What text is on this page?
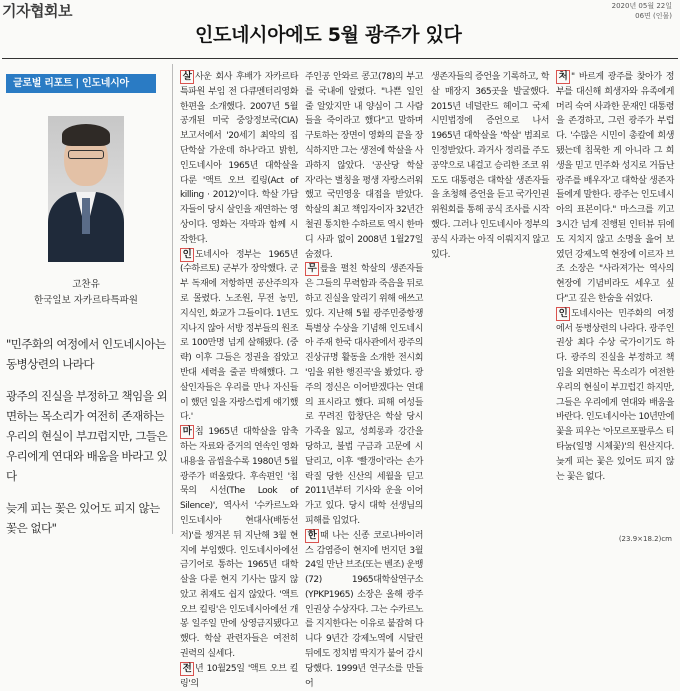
기자협회보	2020년 05월 22일
06면 (인물)
인도네시아에도 5월 광주가 있다
글로벌 리포트 | 인도네시아
고찬유
한국일보 자카르타특파원

"민주화의 여정에서 인도네시아는 동병상련의 나라다

광주의 진실을 부정하고 책임을 외면하는 목소리가 여전히 존재하는 우리의 현실이 부끄럽지만, 그들은 우리에게 연대와 배움을 바라고 있다

늦게 피는 꽃은 있어도 피지 않는 꽃은 없다"

살 사운 회사 후배가 자카르타 특파원 부임 전 다큐멘터리영화 한편을 소개했다. 2007년 5월 공개된 미국 중앙정보국(CIA) 보고서에서 '20세기 최악의 집단학살 가운데 하나'라고 밝힌, 인도네시아 1965년 대학살을 다룬 '액트 오브 킬링(Act of killing · 2012)'이다. 학살 가담자들이 당시 살인을 재연하는 영상이다. 영화는 자막과 함께 시작한다.

인 도네시아 정부는 1965년 (수하르토) 군부가 장악했다. 군부 독재에 저항하면 공산주의자로 몰렸다. 노조원, 무전 농민, 지식인, 화교가 그들이다. 1년도 지나지 않아 서방 정부들의 원조로 100만명 넘게 살해됐다. (중략) 이후 그들은 정권을 잡았고 반대 세력을 줄곧 박해했다. 그 살인자들은 우리를 만나 자신들이 했던 일을 자랑스럽게 얘기했다.'

마 침 1965년 대학살을 암축하는 자료와 증거의 연속인 영화 내용을 곱씹을수록 1980년 5월 광주가 떠올랐다. 후속편인 '침묵의 시선(The Look of Silence)', 역사서 '수카르노와 인도네시아 현대사(배동선 저)'를 챙겨본 뒤 지난해 3월 현지에 부임했다. 인도네시아에선 금기어로 통하는 1965년 대학살을 다룬 현지 기사는 많지 않았고 취재도 쉽지 않았다. '액트 오브 킬링'은 인도네시아에선 개봉 일주일 만에 상영금지됐다고 했다. 학살 관련자들은 여전히 권력의 실세다.

전 년 10월25일 '액트 오브 킬링'의

주인공 안와르 콩고(78)의 부고를 국내에 알렸다. "나쁜 일인 줄 알았지만 내 양심이 그 사람들을 죽이라고 했다"고 말하며 구토하는 장면이 영화의 끝을 장식하지만 그는 생전에 학살을 사과하지 않았다. '공산당 학살자'라는 별칭을 평생 자랑스러워했고 국민영웅 대접을 받았다. 학살의 최고 책임자이자 32년간 철권 통치한 수하르토 역시 한마디 사과 없이 2008년 1월27일 숨졌다.

무 릎을 펼친 학살의 생존자들은 그들의 무력함과 죽음을 뒤로 하고 진실을 알리기 위해 애쓰고 있다. 지난해 5월 광주민중항쟁 특별상 수상을 기념해 인도네시아 주재 한국 대사관에서 광주의 진상규명 활동을 소개한 전시회 '임을 위한 행진곡'을 봤었다. 광주의 정신은 이어받겠다는 연대의 표시라고 했다. 피해 여성들로 꾸려진 합창단은 학살 당시 가족을 잃고, 성희롱과 강간을 당하고, 불법 구금과 고문에 시달리고, 이후 '빨갱이'라는 손가락질 당한 신산의 세월을 딛고 2011년부터 기사와 운을 이어가고 있다. 당시 대학 선생님의 피해를 입었다.

한 때 나는 신종 코로나바이러스 감염증이 현지에 번지던 3월24일 만난 브조(또는 벤조) 운뱅(72) 1965대학살연구소(YPKP1965) 소장은 올해 광주인권상 수상자다. 그는 수카르노를 지지한다는 이유로 붙잡혀 다니다 9년간 강제노역에 시달린 뒤에도 정치범 딱지가 붙어 감시당했다. 1999년 연구소를 만들어

생존자들의 증언을 기록하고, 학살 매장지 365곳을 발굴했다. 2015년 네덜란드 헤이그 국제시민법정에 증언으로 나서 1965년 대학살을 '학살' 범죄로 인정받았다. 과거사 정리를 주도 공약으로 내걸고 승리한 조코 위도도 대통령은 대학살 생존자들을 초청해 증언을 듣고 국가인권위원회를 통해 공식 조사를 시작했다. 그러나 인도네시아 정부의 공식 사과는 아직 이뤄지지 않고 있다.

처 " 바르게 광주를 찾아가 정부를 대신해 희생자와 유족에게 머리 숙여 사과한 문재인 대통령을 존경하고, 그런 광주가 부럽다. '수많은 시민이 총칼에 희생됐는데 침묵한 게 아니라 그 희생을 믿고 민주화 성지로 거듭난 광주를 배우자'고 대학살 생존자들에게 말한다. 광주는 인도네시아의 표본이다." 마스크를 끼고 3시간 넘게 진행된 인터뷰 뒤에도 지치지 않고 소명을 읊어 보였던 강제노역 현장에 이르자 브조 소장은 "사라져가는 역사의 현장에 기념비라도 세우고 싶다"고 깊은 한숨을 쉬었다.

인 도네시아는 민주화의 여정에서 동병상련의 나라다. 광주인권상 최다 수상 국가이기도 하다. 광주의 진실을 부정하고 책임을 외면하는 목소리가 여전한 우리의 현실이 부끄럽긴 하지만, 그들은 우리에게 연대와 배움을 바란다. 인도네시아는 10년만에 꽃을 피우는 '아모르포팔루스 티타눔(일명 시체꽃)'의 원산지다. 늦게 피는 꽃은 있어도 피지 않는 꽃은 없다.

(23.9×18.2)cm
